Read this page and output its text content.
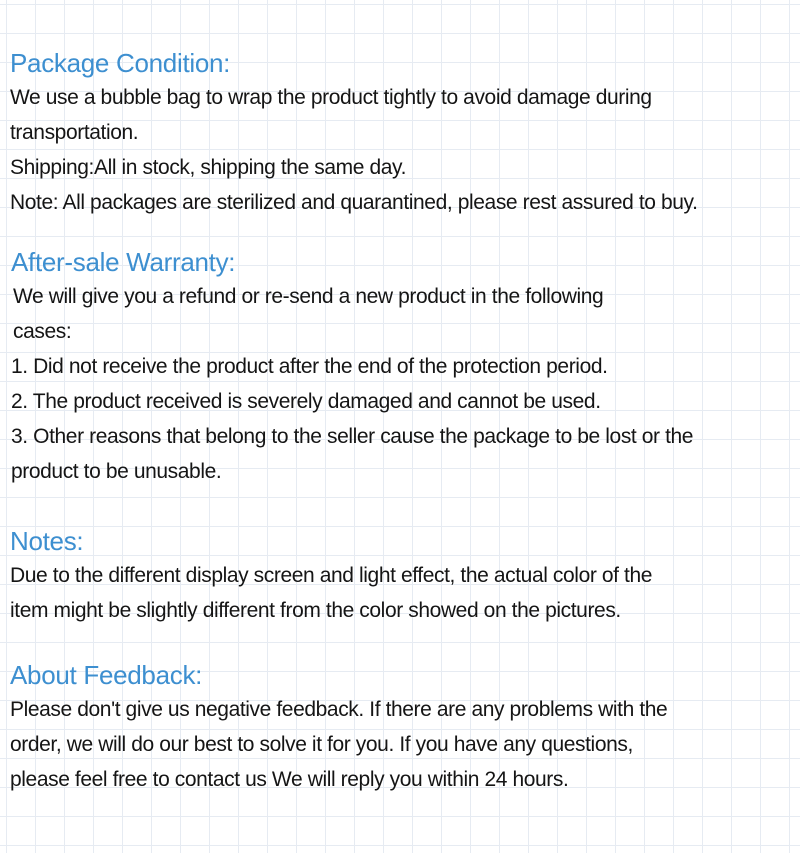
Package Condition:
We use a bubble bag to wrap the product tightly to avoid damage during
transportation.
Shipping:All in stock, shipping the same day.
Note: All packages are sterilized and quarantined, please rest assured to buy.
After-sale Warranty:
We will give you a refund or re-send a new product in the following
cases:
1. Did not receive the product after the end of the protection period.
2. The product received is severely damaged and cannot be used.
3. Other reasons that belong to the seller cause the package to be lost or the
product to be unusable.
Notes:
Due to the different display screen and light effect, the actual color of the
item might be slightly different from the color showed on the pictures.
About Feedback:
Please don't give us negative feedback. If there are any problems with the
order, we will do our best to solve it for you. If you have any questions,
please feel free to contact us We will reply you within 24 hours.
